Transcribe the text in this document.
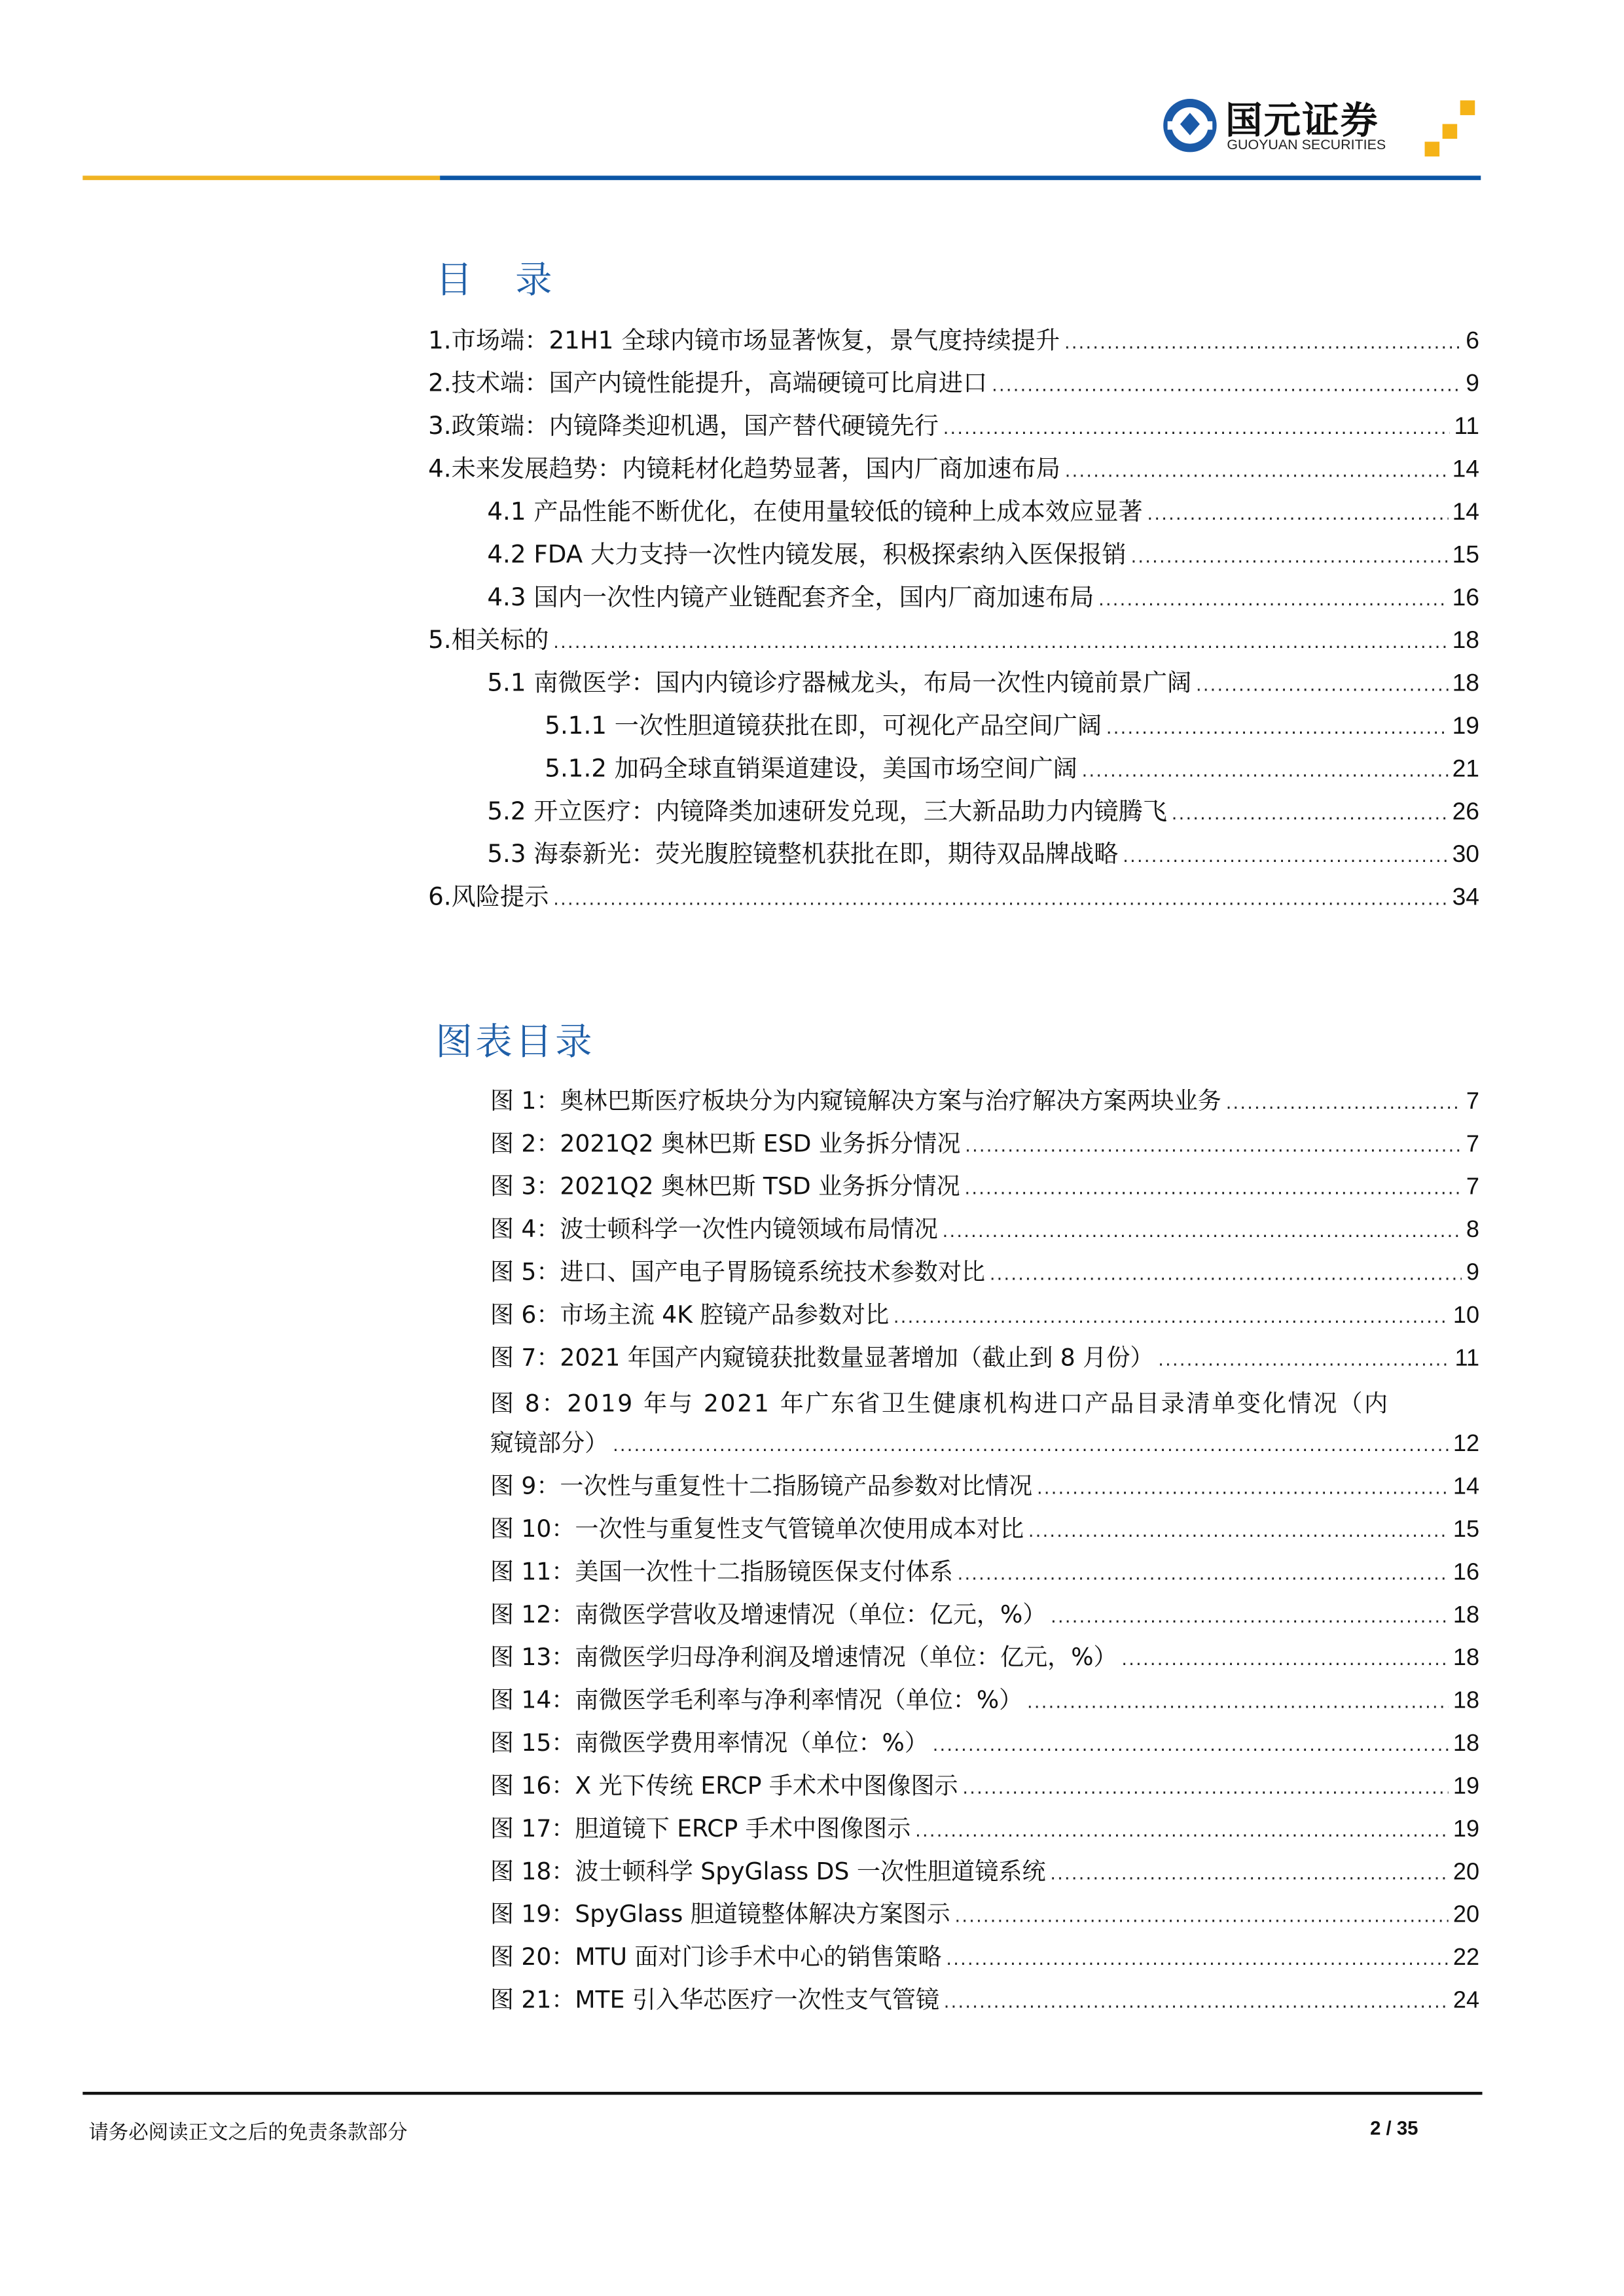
国元证券
GUOYUAN SECURITIES
目　录
1.市场端：21H1 全球内镜市场显著恢复，景气度持续提升 .....	6
2.技术端：国产内镜性能提升，高端硬镜可比肩进口 .....	9
3.政策端：内镜降类迎机遇，国产替代硬镜先行 .....	11
4.未来发展趋势：内镜耗材化趋势显著，国内厂商加速布局 .....	14
4.1 产品性能不断优化，在使用量较低的镜种上成本效应显著 .....	14
4.2 FDA 大力支持一次性内镜发展，积极探索纳入医保报销 .....	15
4.3 国内一次性内镜产业链配套齐全，国内厂商加速布局 .....	16
5.相关标的 .....	18
5.1 南微医学：国内内镜诊疗器械龙头，布局一次性内镜前景广阔 .....	18
5.1.1 一次性胆道镜获批在即，可视化产品空间广阔 .....	19
5.1.2 加码全球直销渠道建设，美国市场空间广阔 .....	21
5.2 开立医疗：内镜降类加速研发兑现，三大新品助力内镜腾飞 .....	26
5.3 海泰新光：荧光腹腔镜整机获批在即，期待双品牌战略 .....	30
6.风险提示 .....	34
图表目录
图 1：奥林巴斯医疗板块分为内窥镜解决方案与治疗解决方案两块业务 .....	7
图 2：2021Q2 奥林巴斯 ESD 业务拆分情况 .....	7
图 3：2021Q2 奥林巴斯 TSD 业务拆分情况 .....	7
图 4：波士顿科学一次性内镜领域布局情况 .....	8
图 5：进口、国产电子胃肠镜系统技术参数对比 .....	9
图 6：市场主流 4K 腔镜产品参数对比 .....	10
图 7：2021 年国产内窥镜获批数量显著增加（截止到 8 月份） .....	11
图 8：2019 年与 2021 年广东省卫生健康机构进口产品目录清单变化情况（内
窥镜部分） .....	12
图 9：一次性与重复性十二指肠镜产品参数对比情况 .....	14
图 10：一次性与重复性支气管镜单次使用成本对比 .....	15
图 11：美国一次性十二指肠镜医保支付体系 .....	16
图 12：南微医学营收及增速情况（单位：亿元，%） .....	18
图 13：南微医学归母净利润及增速情况（单位：亿元，%） .....	18
图 14：南微医学毛利率与净利率情况（单位：%） .....	18
图 15：南微医学费用率情况（单位：%） .....	18
图 16：X 光下传统 ERCP 手术术中图像图示 .....	19
图 17：胆道镜下 ERCP 手术中图像图示 .....	19
图 18：波士顿科学 SpyGlass DS 一次性胆道镜系统 .....	20
图 19：SpyGlass 胆道镜整体解决方案图示 .....	20
图 20：MTU 面对门诊手术中心的销售策略 .....	22
图 21：MTE 引入华芯医疗一次性支气管镜 .....	24
请务必阅读正文之后的免责条款部分	2 / 35
